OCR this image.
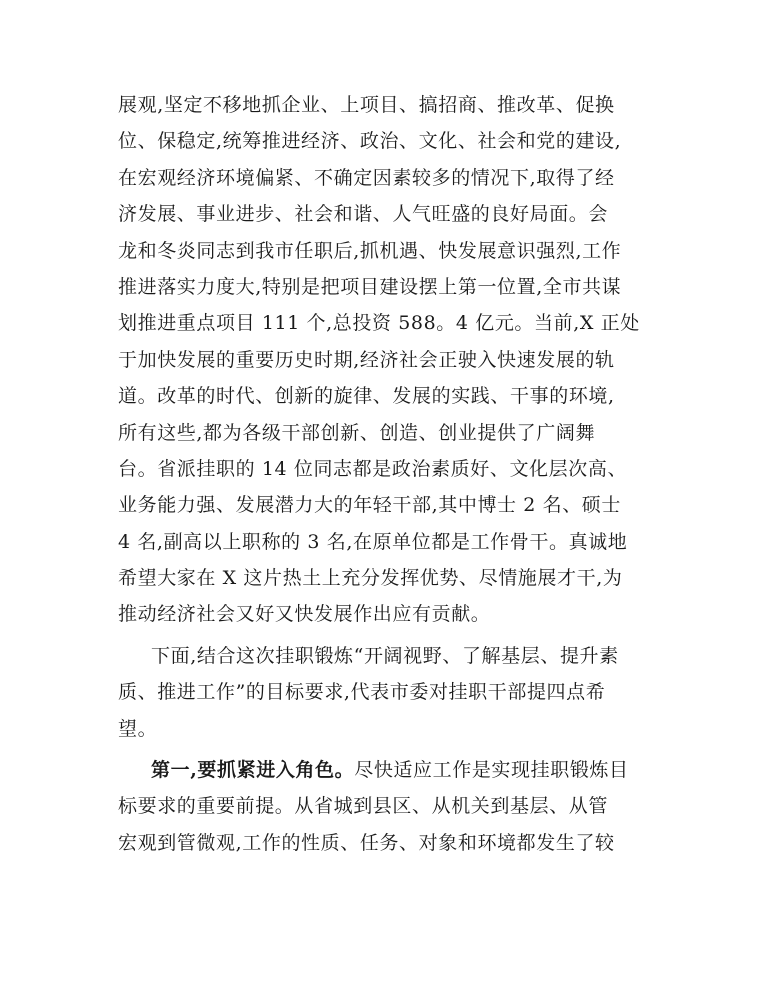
展观,坚定不移地抓企业、上项目、搞招商、推改革、促换
位、保稳定,统筹推进经济、政治、文化、社会和党的建设,
在宏观经济环境偏紧、不确定因素较多的情况下,取得了经
济发展、事业进步、社会和谐、人气旺盛的良好局面。会
龙和冬炎同志到我市任职后,抓机遇、快发展意识强烈,工作
推进落实力度大,特别是把项目建设摆上第一位置,全市共谋
划推进重点项目 111 个,总投资 588。4 亿元。当前,X 正处
于加快发展的重要历史时期,经济社会正驶入快速发展的轨
道。改革的时代、创新的旋律、发展的实践、干事的环境,
所有这些,都为各级干部创新、创造、创业提供了广阔舞
台。省派挂职的 14 位同志都是政治素质好、文化层次高、
业务能力强、发展潜力大的年轻干部,其中博士 2 名、硕士
4 名,副高以上职称的 3 名,在原单位都是工作骨干。真诚地
希望大家在 X 这片热土上充分发挥优势、尽情施展才干,为
推动经济社会又好又快发展作出应有贡献。
下面,结合这次挂职锻炼“开阔视野、了解基层、提升素
质、推进工作”的目标要求,代表市委对挂职干部提四点希
望。
第一,要抓紧进入角色。尽快适应工作是实现挂职锻炼目
标要求的重要前提。从省城到县区、从机关到基层、从管
宏观到管微观,工作的性质、任务、对象和环境都发生了较
